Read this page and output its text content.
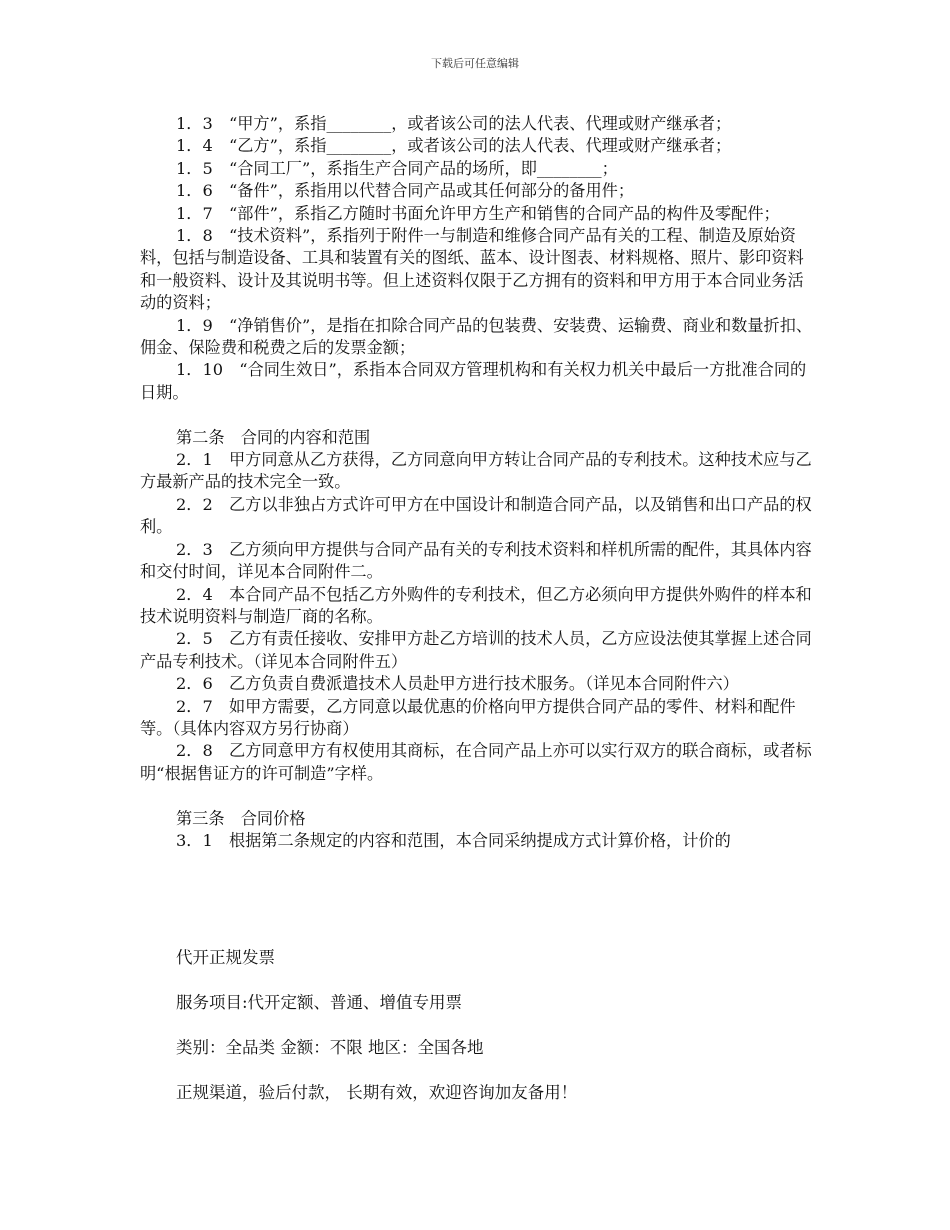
下载后可任意编辑

1．3　“甲方”，系指________，或者该公司的法人代表、代理或财产继承者；

1．4　“乙方”，系指________，或者该公司的法人代表、代理或财产继承者；

1．5　“合同工厂”，系指生产合同产品的场所，即________；

1．6　“备件”，系指用以代替合同产品或其任何部分的备用件；

1．7　“部件”，系指乙方随时书面允许甲方生产和销售的合同产品的构件及零配件；

1．8　“技术资料”，系指列于附件一与制造和维修合同产品有关的工程、制造及原始资料，包括与制造设备、工具和装置有关的图纸、蓝本、设计图表、材料规格、照片、影印资料和一般资料、设计及其说明书等。但上述资料仅限于乙方拥有的资料和甲方用于本合同业务活动的资料；

1．9　“净销售价”，是指在扣除合同产品的包装费、安装费、运输费、商业和数量折扣、佣金、保险费和税费之后的发票金额；

1．10　“合同生效日”，系指本合同双方管理机构和有关权力机关中最后一方批准合同的日期。

第二条　合同的内容和范围

2．1　甲方同意从乙方获得，乙方同意向甲方转让合同产品的专利技术。这种技术应与乙方最新产品的技术完全一致。

2．2　乙方以非独占方式许可甲方在中国设计和制造合同产品，以及销售和出口产品的权利。

2．3　乙方须向甲方提供与合同产品有关的专利技术资料和样机所需的配件，其具体内容和交付时间，详见本合同附件二。

2．4　本合同产品不包括乙方外购件的专利技术，但乙方必须向甲方提供外购件的样本和技术说明资料与制造厂商的名称。

2．5　乙方有责任接收、安排甲方赴乙方培训的技术人员，乙方应设法使其掌握上述合同产品专利技术。（详见本合同附件五）

2．6　乙方负责自费派遣技术人员赴甲方进行技术服务。（详见本合同附件六）

2．7　如甲方需要，乙方同意以最优惠的价格向甲方提供合同产品的零件、材料和配件等。（具体内容双方另行协商）

2．8　乙方同意甲方有权使用其商标，在合同产品上亦可以实行双方的联合商标，或者标明“根据售证方的许可制造”字样。

第三条　合同价格

3．1　根据第二条规定的内容和范围，本合同采纳提成方式计算价格，计价的

代开正规发票

服务项目:代开定额、普通、增值专用票

类别：全品类 金额：不限 地区：全国各地

正规渠道，验后付款， 长期有效，欢迎咨询加友备用！
